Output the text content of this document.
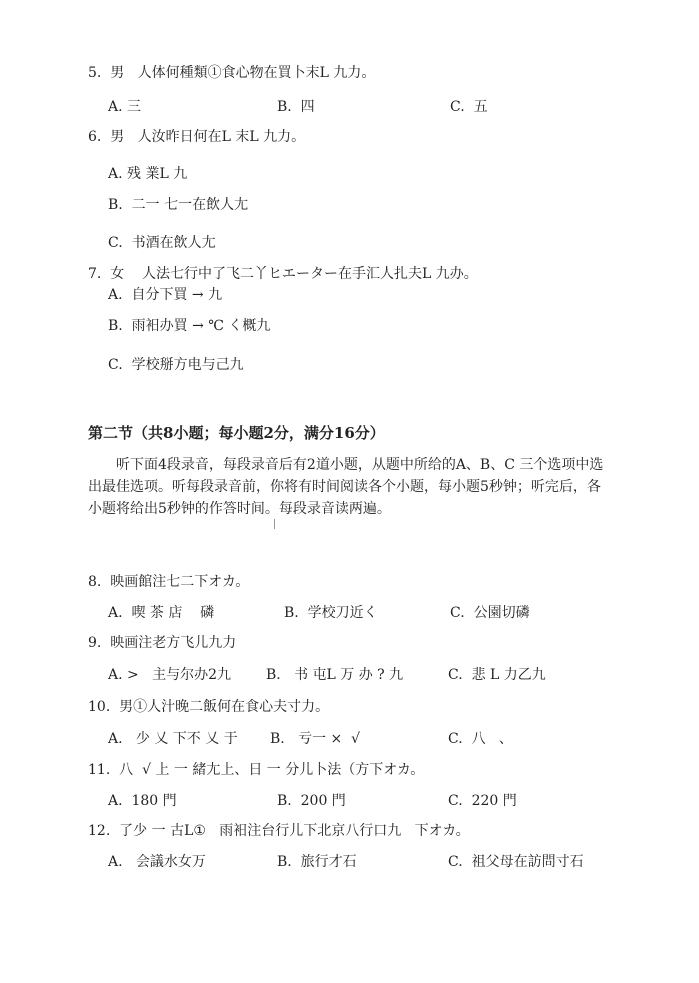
5.  男   人体何種類①食心物在買卜末L 九力。
A. 三	B.  四	C.  五
6.  男   人汝昨日何在L 末L 九力。
A. 残 業L 九
B.  二一 七一在飲人尢
C.  书酒在飲人尢
7.  女    人法七行中了飞二丫ヒエーター在手汇人扎夫L 九办。
A.  自分下買 → 九
B.  雨衵办買 → ℃ く概九
C.  学校掰方电与己九
第二节（共8小题；每小题2分，满分16分）
听下面4段录音，每段录音后有2道小题，从题中所给的A、B、C 三个选项中选出最佳选项。听每段录音前，你将有时间阅读各个小题，每小题5秒钟；听完后，各小题将给出5秒钟的作答时间。每段录音读两遍。
8.  映画館注七二下オカ。
A.  喫 茶 店    磷	B.  学校刀近く	C.  公園切磷
9.  映画注老方飞儿九力
A. >   主与尔办2九	B.   书 屯L 万 办 ? 九	C.  悲 L 力乙九
10.  男①人汁晚二飯何在食心夫寸力。
A.   少 乂 下不 乂 于 B.   亏一 ×  √	C.  八   、
11.  八  √ 上 一 緒尢上、日 一 分儿卜法（方下オカ。
A.  180 門	B.  200 門	C.  220 門
12.  了少 一 古L①   雨衵注台行儿下北京八行口九   下オカ。
A.   会議水女万	B.  旅行才石	C.  祖父母在訪問寸石
